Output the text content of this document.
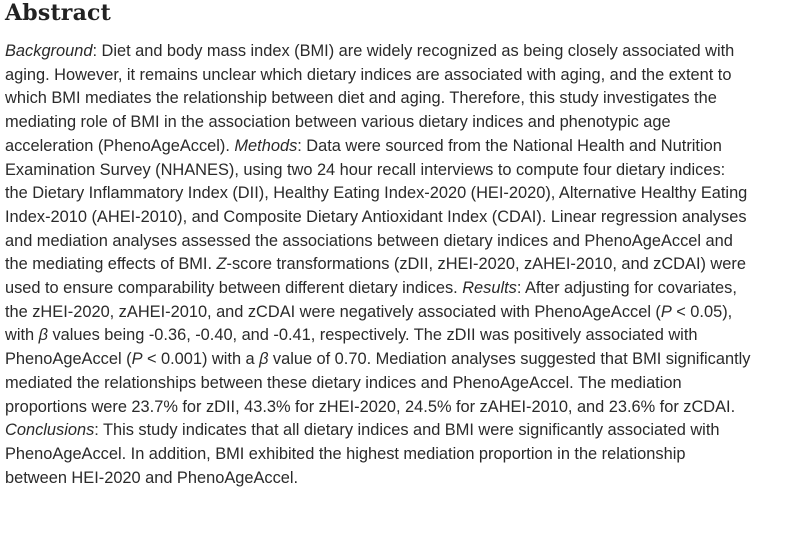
Abstract
Background: Diet and body mass index (BMI) are widely recognized as being closely associated with
aging. However, it remains unclear which dietary indices are associated with aging, and the extent to
which BMI mediates the relationship between diet and aging. Therefore, this study investigates the
mediating role of BMI in the association between various dietary indices and phenotypic age
acceleration (PhenoAgeAccel). Methods: Data were sourced from the National Health and Nutrition
Examination Survey (NHANES), using two 24 hour recall interviews to compute four dietary indices:
the Dietary Inflammatory Index (DII), Healthy Eating Index-2020 (HEI-2020), Alternative Healthy Eating
Index-2010 (AHEI-2010), and Composite Dietary Antioxidant Index (CDAI). Linear regression analyses
and mediation analyses assessed the associations between dietary indices and PhenoAgeAccel and
the mediating effects of BMI. Z-score transformations (zDII, zHEI-2020, zAHEI-2010, and zCDAI) were
used to ensure comparability between different dietary indices. Results: After adjusting for covariates,
the zHEI-2020, zAHEI-2010, and zCDAI were negatively associated with PhenoAgeAccel (P < 0.05),
with β values being -0.36, -0.40, and -0.41, respectively. The zDII was positively associated with
PhenoAgeAccel (P < 0.001) with a β value of 0.70. Mediation analyses suggested that BMI significantly
mediated the relationships between these dietary indices and PhenoAgeAccel. The mediation
proportions were 23.7% for zDII, 43.3% for zHEI-2020, 24.5% for zAHEI-2010, and 23.6% for zCDAI.
Conclusions: This study indicates that all dietary indices and BMI were significantly associated with
PhenoAgeAccel. In addition, BMI exhibited the highest mediation proportion in the relationship
between HEI-2020 and PhenoAgeAccel.
